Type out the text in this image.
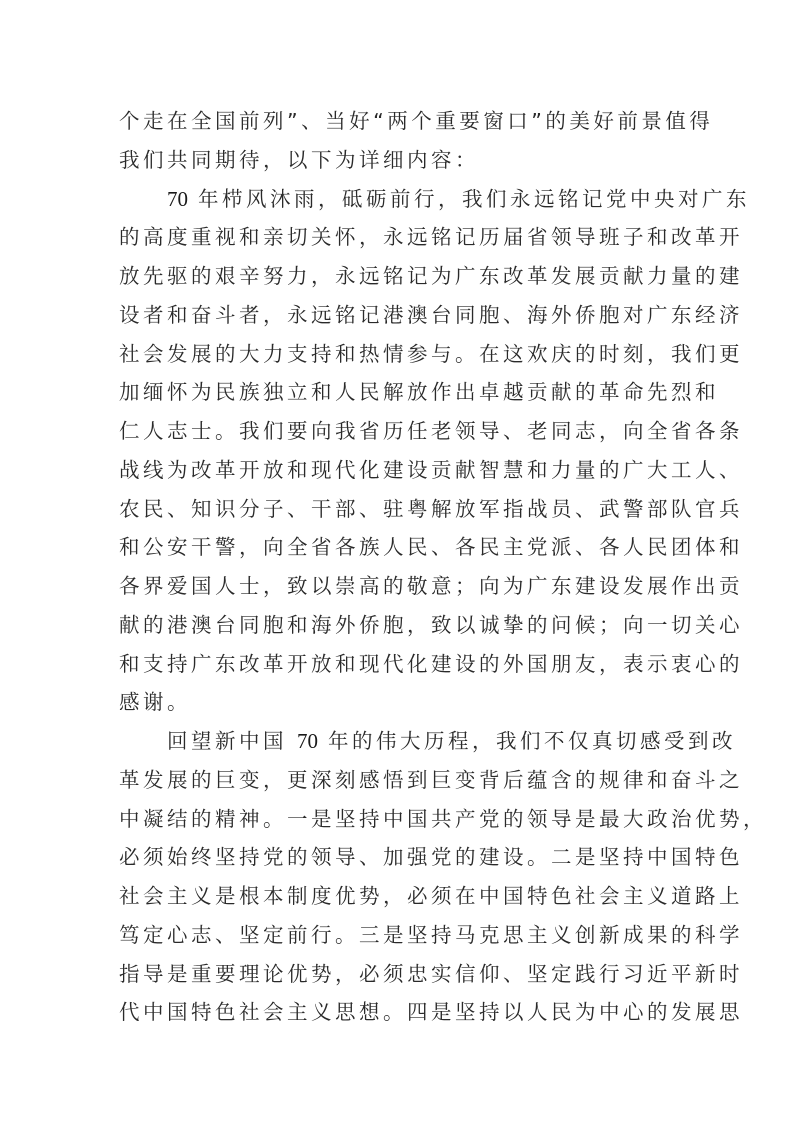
个走在全国前列”、当好“两个重要窗口”的美好前景值得
我们共同期待，以下为详细内容：
70 年栉风沐雨，砥砺前行，我们永远铭记党中央对广东
的高度重视和亲切关怀，永远铭记历届省领导班子和改革开
放先驱的艰辛努力，永远铭记为广东改革发展贡献力量的建
设者和奋斗者，永远铭记港澳台同胞、海外侨胞对广东经济
社会发展的大力支持和热情参与。在这欢庆的时刻，我们更
加缅怀为民族独立和人民解放作出卓越贡献的革命先烈和
仁人志士。我们要向我省历任老领导、老同志，向全省各条
战线为改革开放和现代化建设贡献智慧和力量的广大工人、
农民、知识分子、干部、驻粤解放军指战员、武警部队官兵
和公安干警，向全省各族人民、各民主党派、各人民团体和
各界爱国人士，致以崇高的敬意；向为广东建设发展作出贡
献的港澳台同胞和海外侨胞，致以诚挚的问候；向一切关心
和支持广东改革开放和现代化建设的外国朋友，表示衷心的
感谢。
回望新中国 70 年的伟大历程，我们不仅真切感受到改
革发展的巨变，更深刻感悟到巨变背后蕴含的规律和奋斗之
中凝结的精神。一是坚持中国共产党的领导是最大政治优势，
必须始终坚持党的领导、加强党的建设。二是坚持中国特色
社会主义是根本制度优势，必须在中国特色社会主义道路上
笃定心志、坚定前行。三是坚持马克思主义创新成果的科学
指导是重要理论优势，必须忠实信仰、坚定践行习近平新时
代中国特色社会主义思想。四是坚持以人民为中心的发展思
